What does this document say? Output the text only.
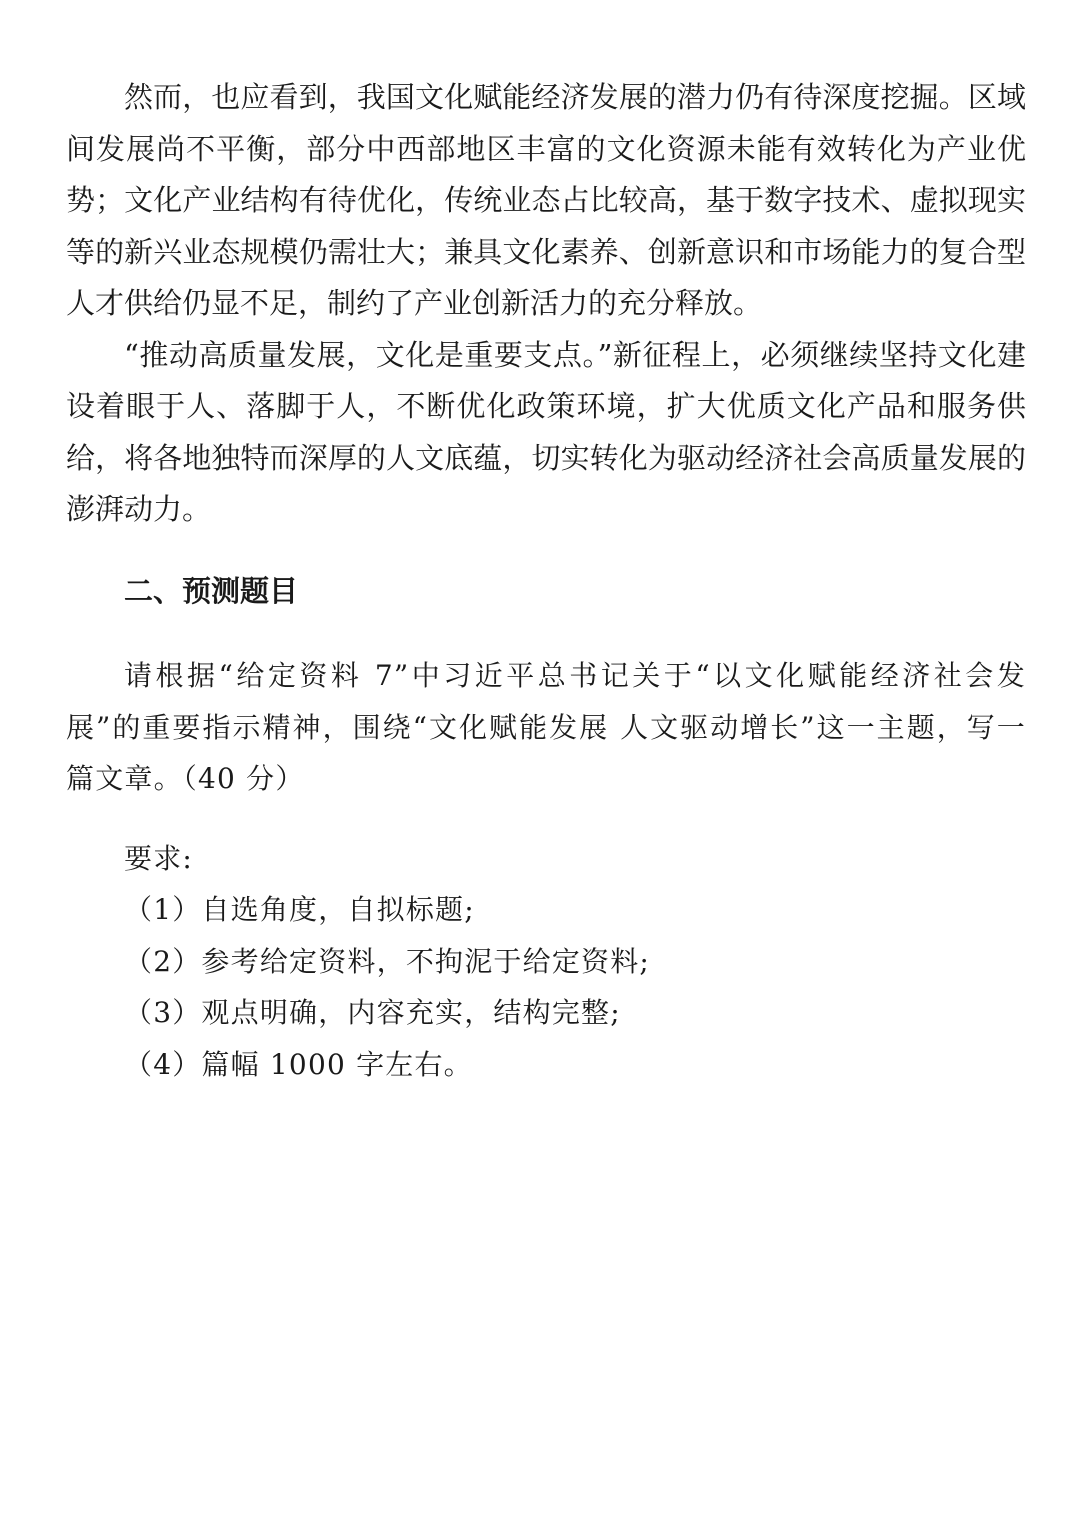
然而，也应看到，我国文化赋能经济发展的潜力仍有待深度挖掘。区域间发展尚不平衡，部分中西部地区丰富的文化资源未能有效转化为产业优势；文化产业结构有待优化，传统业态占比较高，基于数字技术、虚拟现实等的新兴业态规模仍需壮大；兼具文化素养、创新意识和市场能力的复合型人才供给仍显不足，制约了产业创新活力的充分释放。

“推动高质量发展，文化是重要支点。”新征程上，必须继续坚持文化建设着眼于人、落脚于人，不断优化政策环境，扩大优质文化产品和服务供给，将各地独特而深厚的人文底蕴，切实转化为驱动经济社会高质量发展的澎湃动力。

二、预测题目

请根据“给定资料 7”中习近平总书记关于“以文化赋能经济社会发展”的重要指示精神，围绕“文化赋能发展 人文驱动增长”这一主题，写一篇文章。（40 分）

要求:

（1）自选角度，自拟标题;

（2）参考给定资料，不拘泥于给定资料;

（3）观点明确，内容充实，结构完整;

（4）篇幅 1000 字左右。
